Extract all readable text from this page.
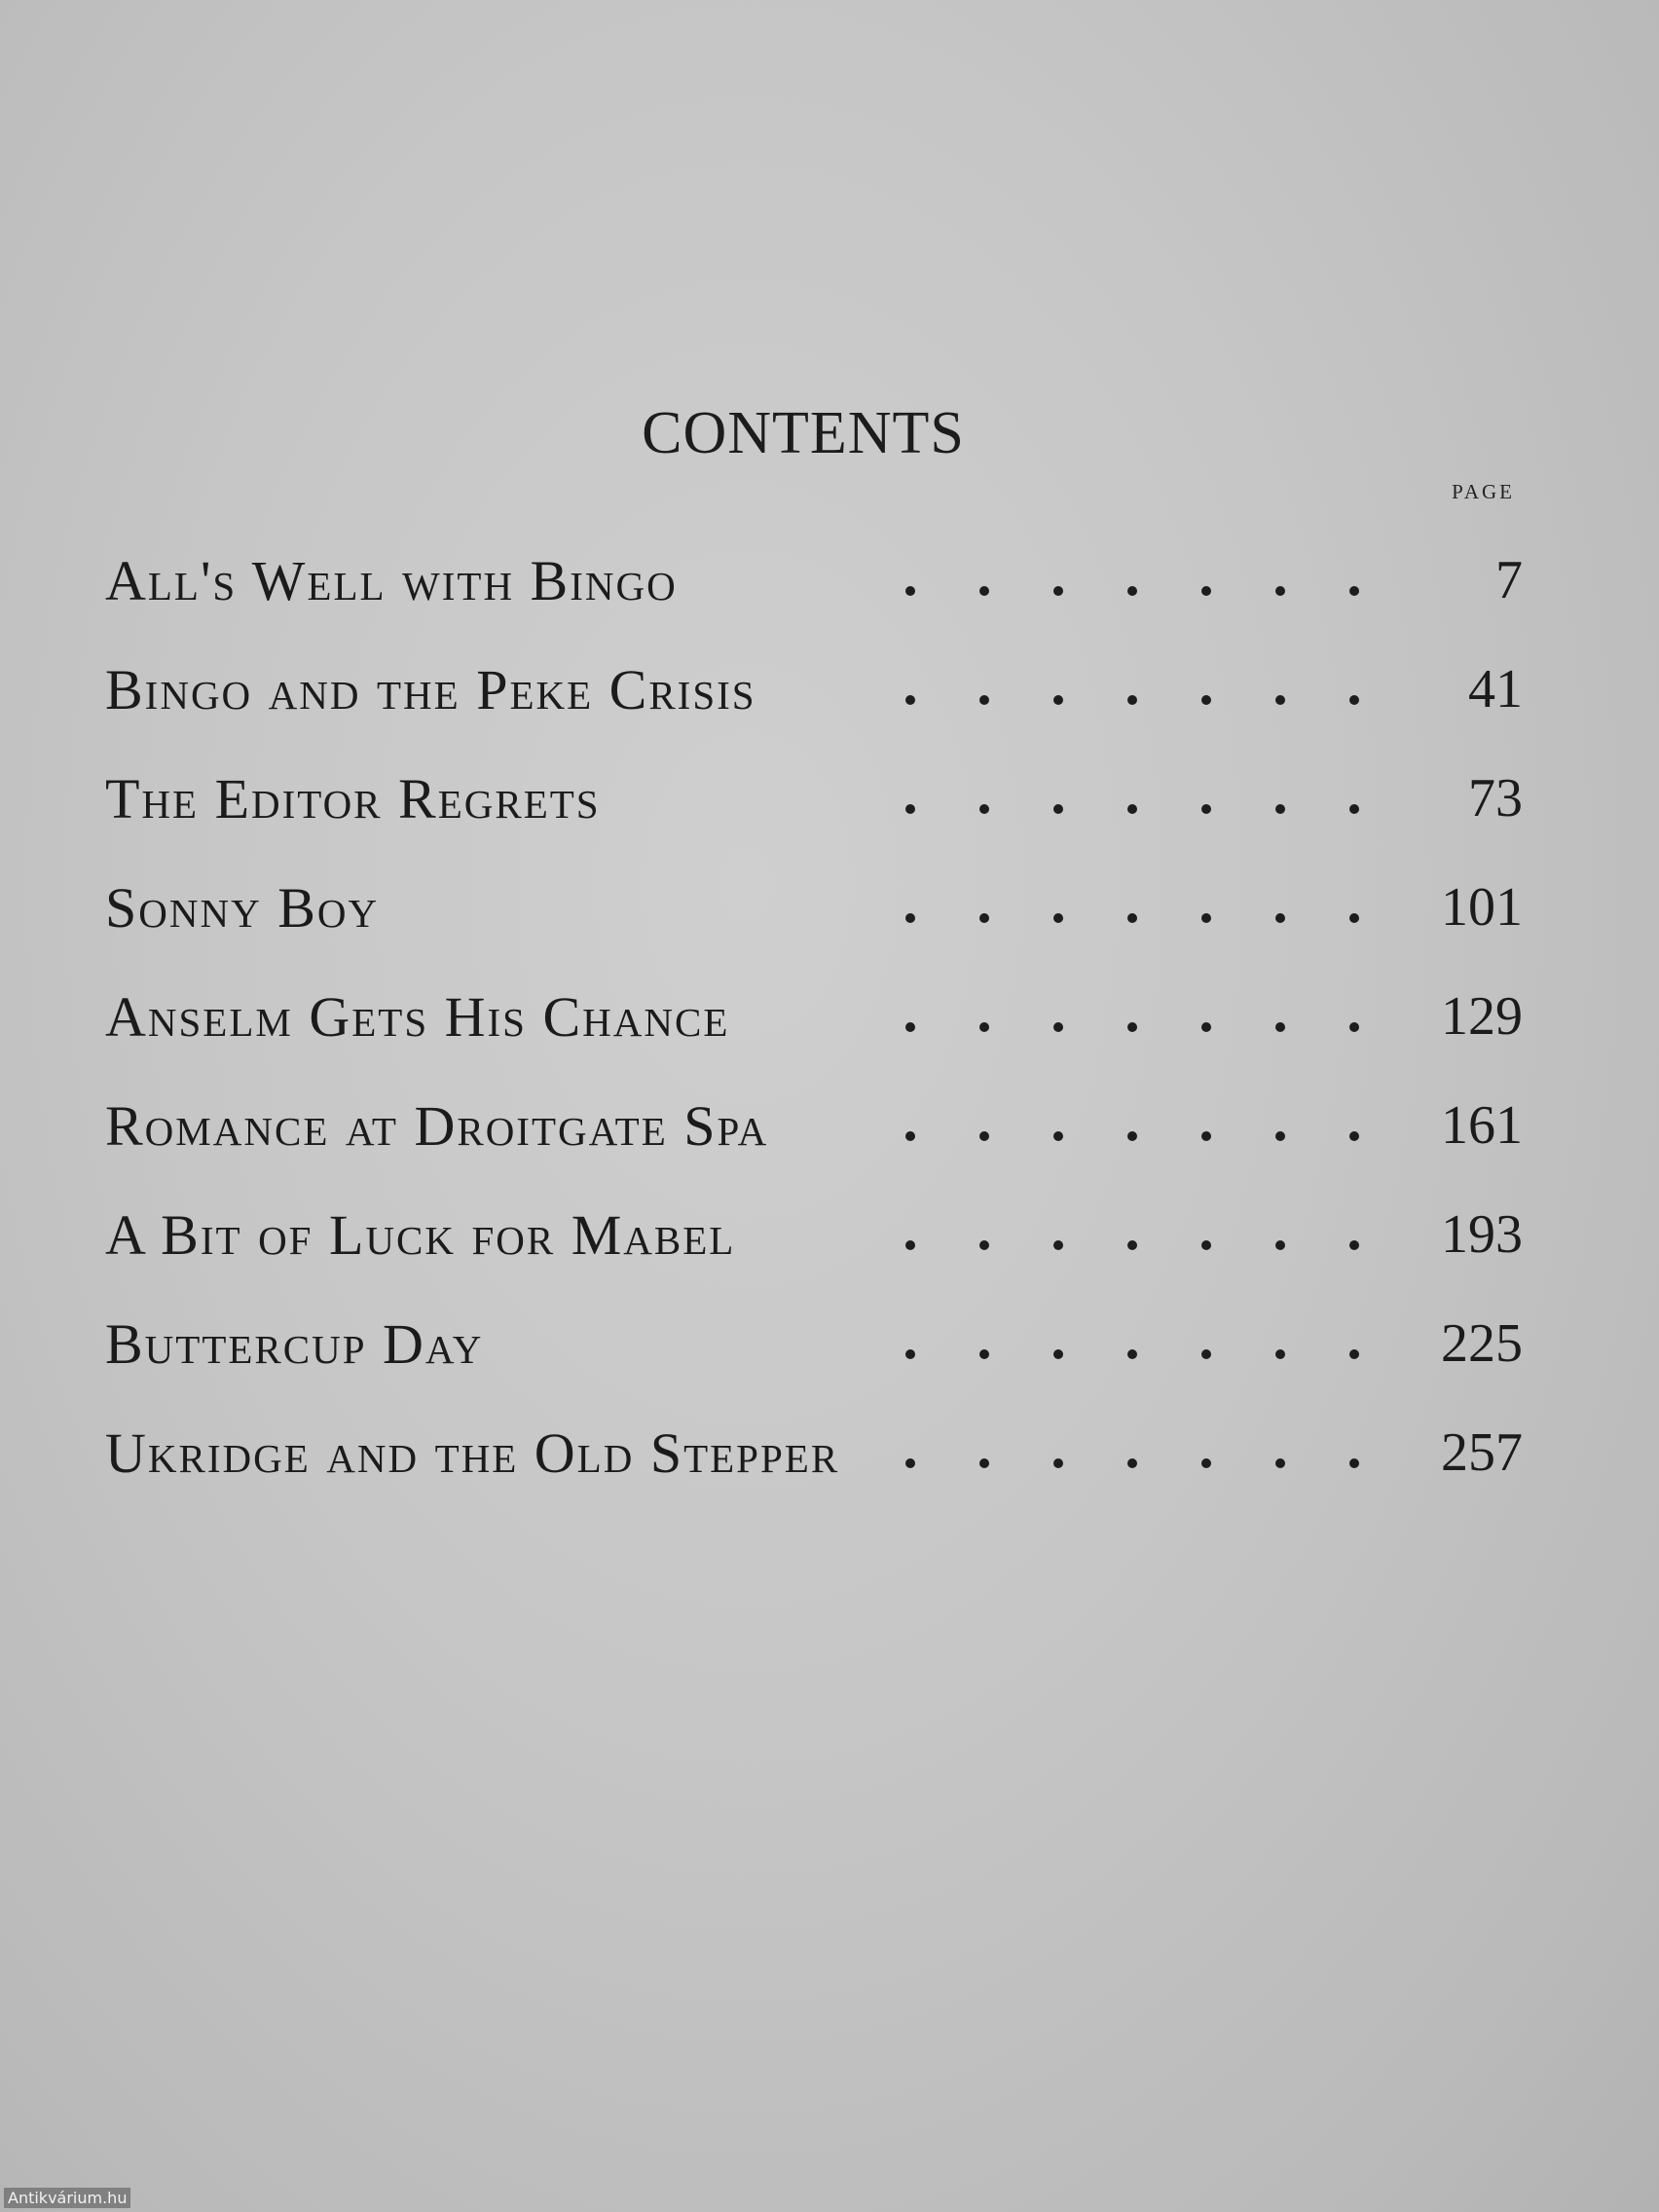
CONTENTS
page
All's Well with Bingo	7
Bingo and the Peke Crisis	41
The Editor Regrets	73
Sonny Boy	101
Anselm Gets His Chance	129
Romance at Droitgate Spa	161
A Bit of Luck for Mabel	193
Buttercup Day	225
Ukridge and the Old Stepper	257
Antikvárium.hu
